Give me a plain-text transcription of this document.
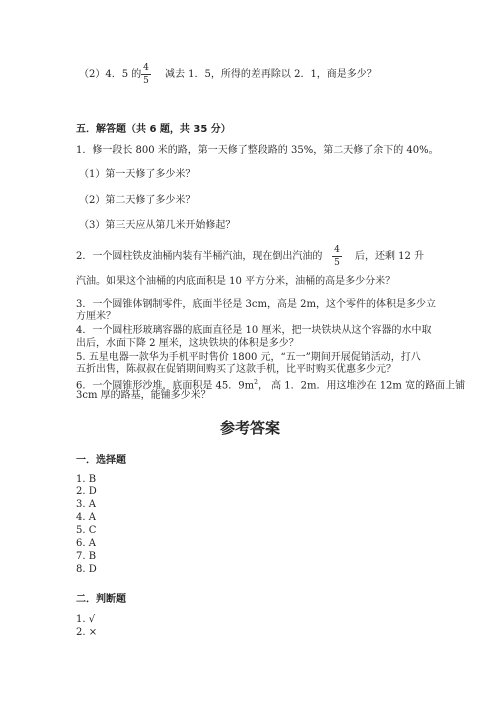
（2）4．5 的
4
5
减去 1．5，所得的差再除以 2．1，商是多少？
五．解答题（共 6 题，共 35 分）
1．修一段长 800 米的路，第一天修了整段路的 35%，第二天修了余下的 40%。
（1）第一天修了多少米？
（2）第二天修了多少米？
（3）第三天应从第几米开始修起？
2．一个圆柱铁皮油桶内装有半桶汽油，现在倒出汽油的
4
5
后，还剩 12 升
汽油。如果这个油桶的内底面积是 10 平方分米，油桶的高是多少分米？
3．一个圆锥体钢制零件，底面半径是 3cm，高是 2m，这个零件的体积是多少立
方厘米？
4．一个圆柱形玻璃容器的底面直径是 10 厘米，把一块铁块从这个容器的水中取
出后，水面下降 2 厘米，这块铁块的体积是多少？
5. 五星电器一款华为手机平时售价 1800 元，“五一”期间开展促销活动，打八
五折出售，陈叔叔在促销期间购买了这款手机，比平时购买优惠多少元？
6．一个圆锥形沙堆，底面积是 45．$9m^2$， 高 1．2m．用这堆沙在 12m 宽的路面上铺
3cm 厚的路基，能铺多少米？
参考答案
一．选择题
1. B
2. D
3. A
4. A
5. C
6. A
7. B
8. D
二．判断题
1. √
2. ×
